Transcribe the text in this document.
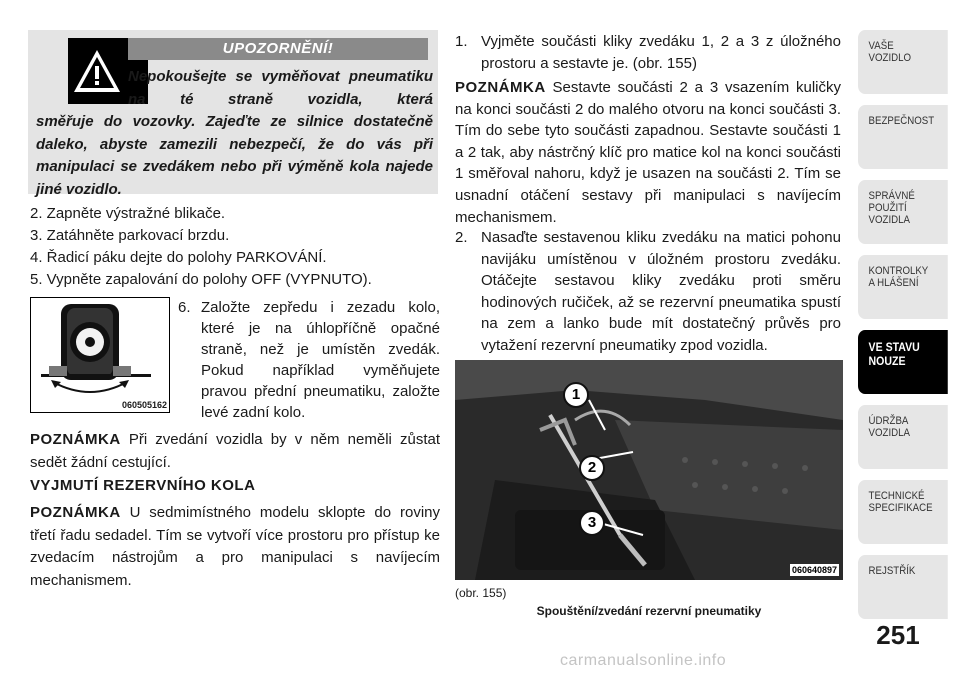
UPOZORNĚNÍ!
Nepokoušejte se vyměňovat pneumatiku na té straně vozidla, která
směřuje do vozovky. Zajeďte ze silnice dostatečně daleko, abyste zamezili nebezpečí, že do vás při manipulaci se zvedákem nebo při výměně kola najede jiné vozidlo.
2. Zapněte výstražné blikače.
3. Zatáhněte parkovací brzdu.
4. Řadicí páku dejte do polohy PARKOVÁNÍ.
5. Vypněte zapalování do polohy OFF (VYPNUTO).
060505162
6. Založte zepředu i zezadu kolo, které je na úhlopříčně opačné straně, než je umístěn zvedák. Pokud například vyměňujete pravou přední pneumatiku, založte levé zadní kolo.
POZNÁMKA Při zvedání vozidla by v něm neměli zůstat sedět žádní cestující.
VYJMUTÍ REZERVNÍHO KOLA
POZNÁMKA U sedmimístného modelu sklopte do roviny třetí řadu sedadel. Tím se vytvoří více prostoru pro přístup ke zvedacím nástrojům a pro manipulaci s navíjecím mechanismem.
1. Vyjměte součásti kliky zvedáku 1, 2 a 3 z úložného prostoru a sestavte je. (obr. 155)
POZNÁMKA Sestavte součásti 2 a 3 vsazením kuličky na konci součásti 2 do malého otvoru na konci součásti 3. Tím do sebe tyto součásti zapadnou. Sestavte součásti 1 a 2 tak, aby nástrčný klíč pro matice kol na konci součásti 1 směřoval nahoru, když je usazen na součásti 2. Tím se usnadní otáčení sestavy při manipulaci s navíjecím mechanismem.
2. Nasaďte sestavenou kliku zvedáku na matici pohonu navijáku umístěnou v úložném prostoru zvedáku. Otáčejte sestavou kliky zvedáku proti směru hodinových ručiček, až se rezervní pneumatika spustí na zem a lanko bude mít dostatečný průvěs pro vytažení rezervní pneumatiky zpod vozidla.
1
2
3
060640897
(obr. 155)
Spouštění/zvedání rezervní pneumatiky
VAŠE
VOZIDLO
BEZPEČNOST
SPRÁVNÉ
POUŽITÍ
VOZIDLA
KONTROLKY
A HLÁŠENÍ
VE STAVU
NOUZE
ÚDRŽBA
VOZIDLA
TECHNICKÉ
SPECIFIKACE
REJSTŘÍK
251
carmanualsonline.info
